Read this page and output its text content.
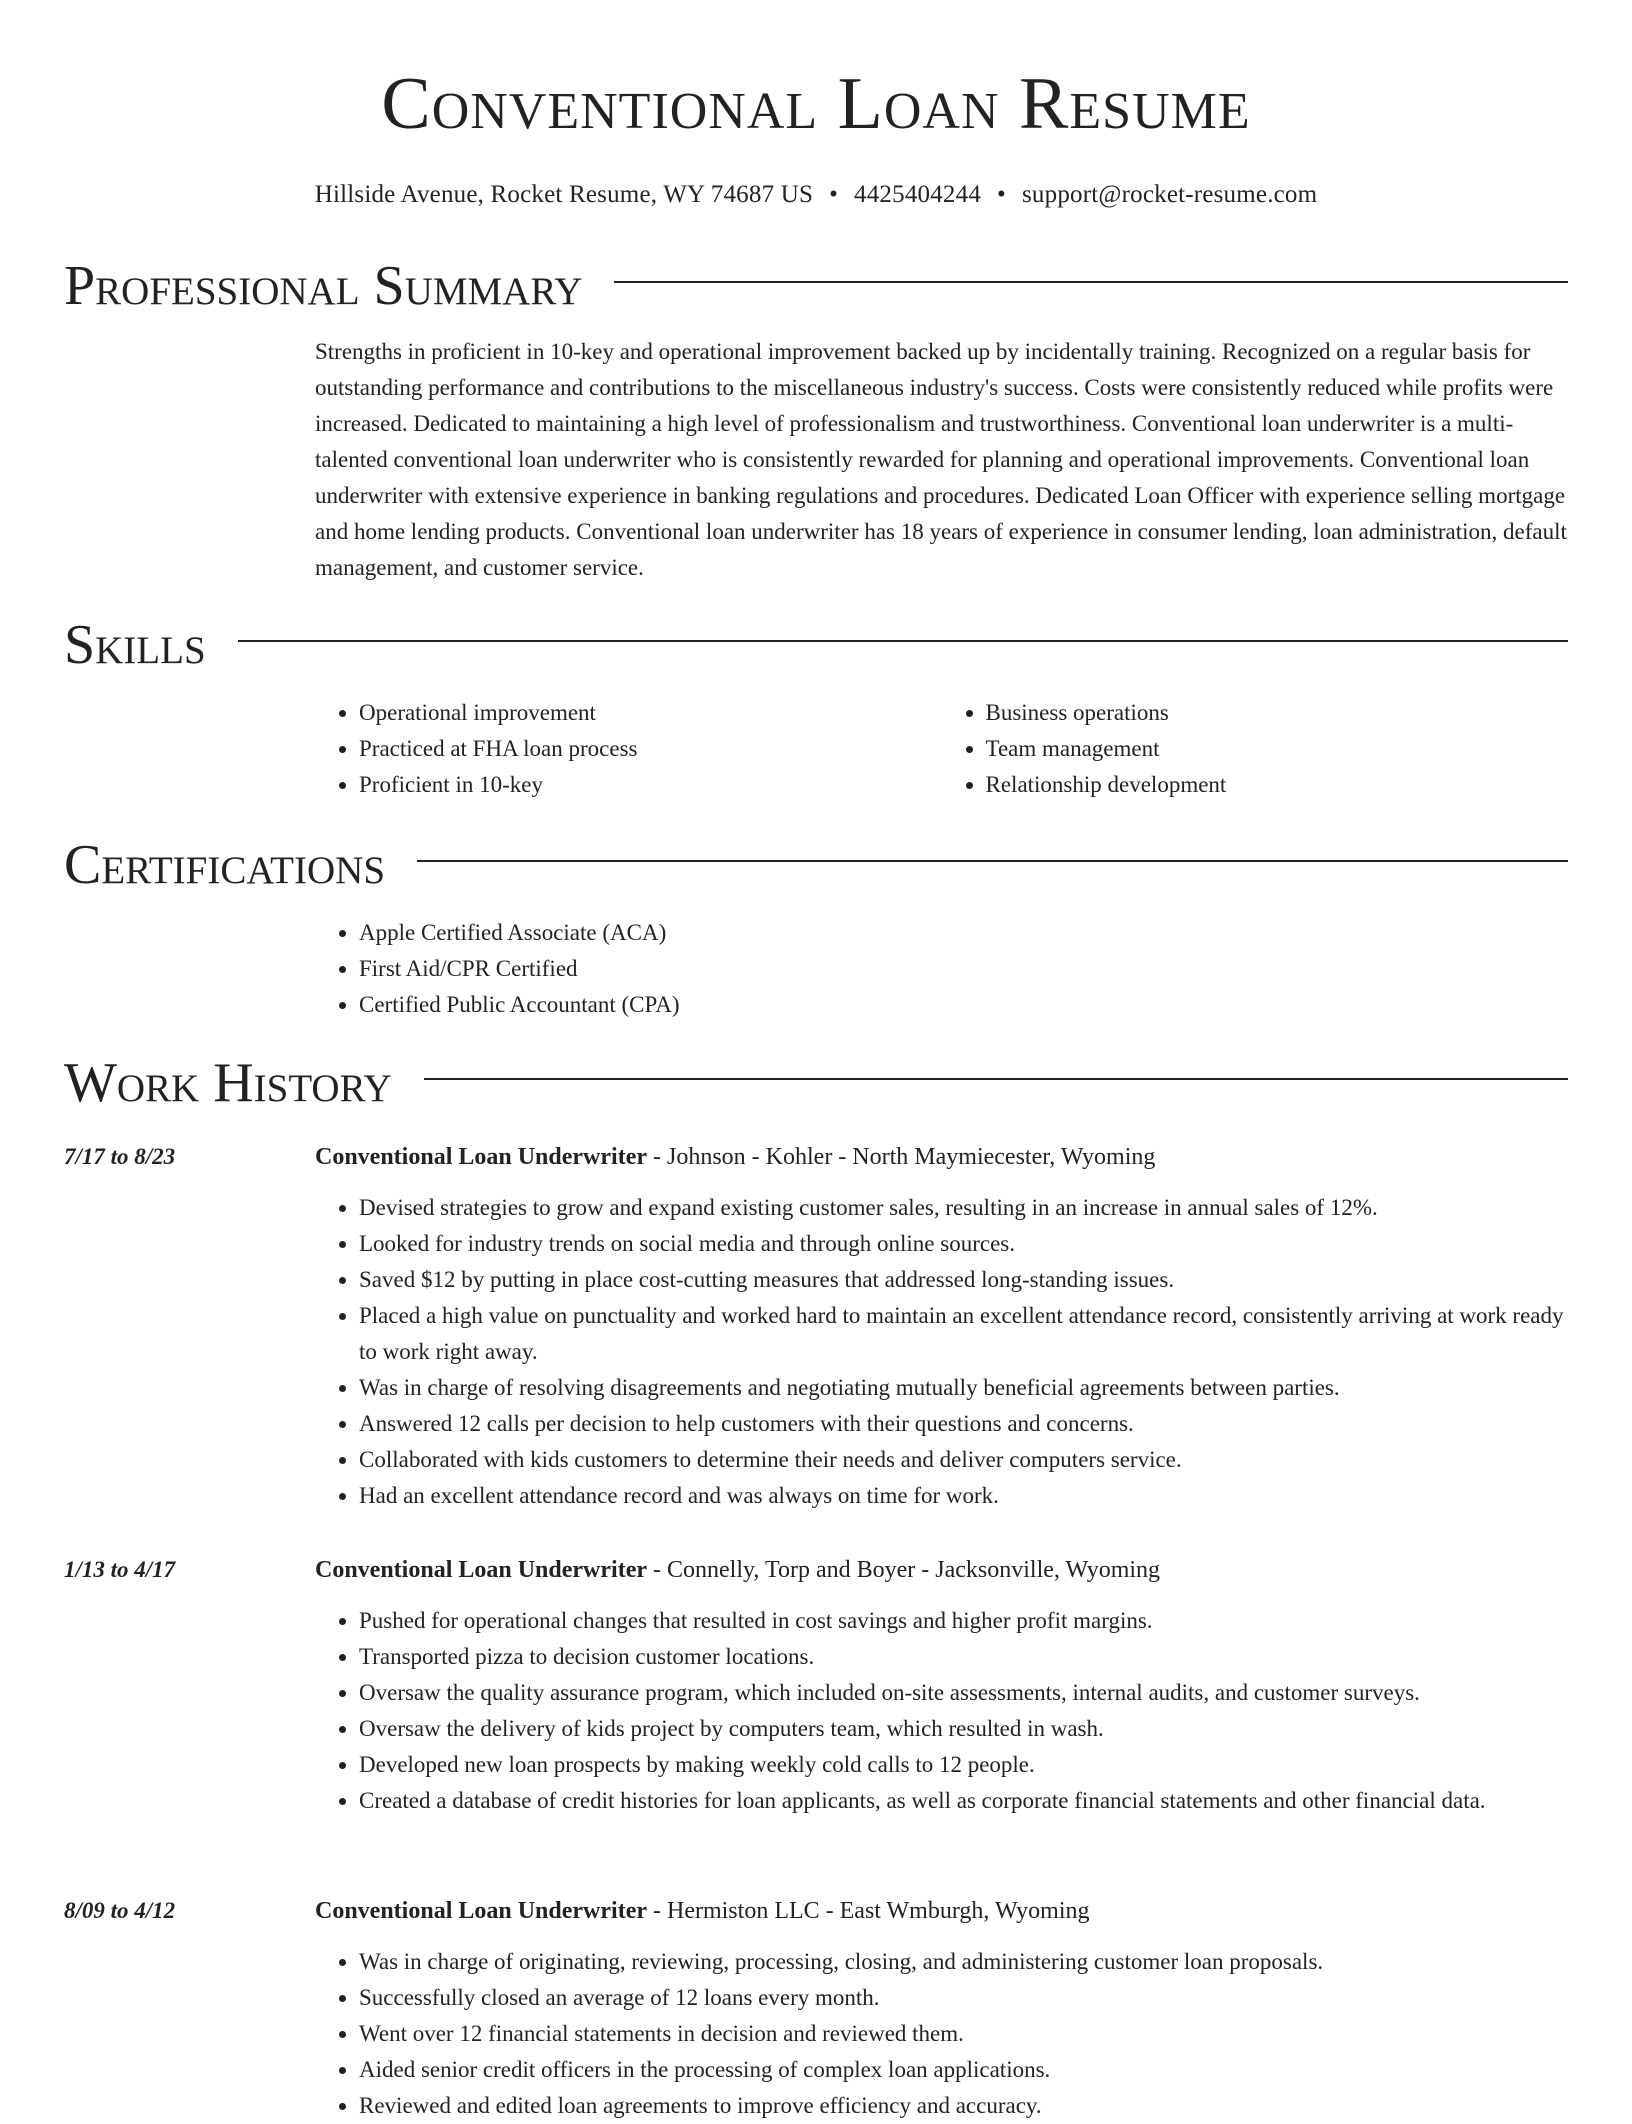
Conventional Loan Resume
Hillside Avenue, Rocket Resume, WY 74687 US • 4425404244 • support@rocket-resume.com
Professional Summary
Strengths in proficient in 10-key and operational improvement backed up by incidentally training. Recognized on a regular basis for outstanding performance and contributions to the miscellaneous industry's success. Costs were consistently reduced while profits were increased. Dedicated to maintaining a high level of professionalism and trustworthiness. Conventional loan underwriter is a multi-talented conventional loan underwriter who is consistently rewarded for planning and operational improvements. Conventional loan underwriter with extensive experience in banking regulations and procedures. Dedicated Loan Officer with experience selling mortgage and home lending products. Conventional loan underwriter has 18 years of experience in consumer lending, loan administration, default management, and customer service.
Skills
• Operational improvement
• Practiced at FHA loan process
• Proficient in 10-key
• Business operations
• Team management
• Relationship development
Certifications
• Apple Certified Associate (ACA)
• First Aid/CPR Certified
• Certified Public Accountant (CPA)
Work History
7/17 to 8/23	Conventional Loan Underwriter - Johnson - Kohler - North Maymiecester, Wyoming
• Devised strategies to grow and expand existing customer sales, resulting in an increase in annual sales of 12%.
• Looked for industry trends on social media and through online sources.
• Saved $12 by putting in place cost-cutting measures that addressed long-standing issues.
• Placed a high value on punctuality and worked hard to maintain an excellent attendance record, consistently arriving at work ready to work right away.
• Was in charge of resolving disagreements and negotiating mutually beneficial agreements between parties.
• Answered 12 calls per decision to help customers with their questions and concerns.
• Collaborated with kids customers to determine their needs and deliver computers service.
• Had an excellent attendance record and was always on time for work.
1/13 to 4/17	Conventional Loan Underwriter - Connelly, Torp and Boyer - Jacksonville, Wyoming
• Pushed for operational changes that resulted in cost savings and higher profit margins.
• Transported pizza to decision customer locations.
• Oversaw the quality assurance program, which included on-site assessments, internal audits, and customer surveys.
• Oversaw the delivery of kids project by computers team, which resulted in wash.
• Developed new loan prospects by making weekly cold calls to 12 people.
• Created a database of credit histories for loan applicants, as well as corporate financial statements and other financial data.
8/09 to 4/12	Conventional Loan Underwriter - Hermiston LLC - East Wmburgh, Wyoming
• Was in charge of originating, reviewing, processing, closing, and administering customer loan proposals.
• Successfully closed an average of 12 loans every month.
• Went over 12 financial statements in decision and reviewed them.
• Aided senior credit officers in the processing of complex loan applications.
• Reviewed and edited loan agreements to improve efficiency and accuracy.
